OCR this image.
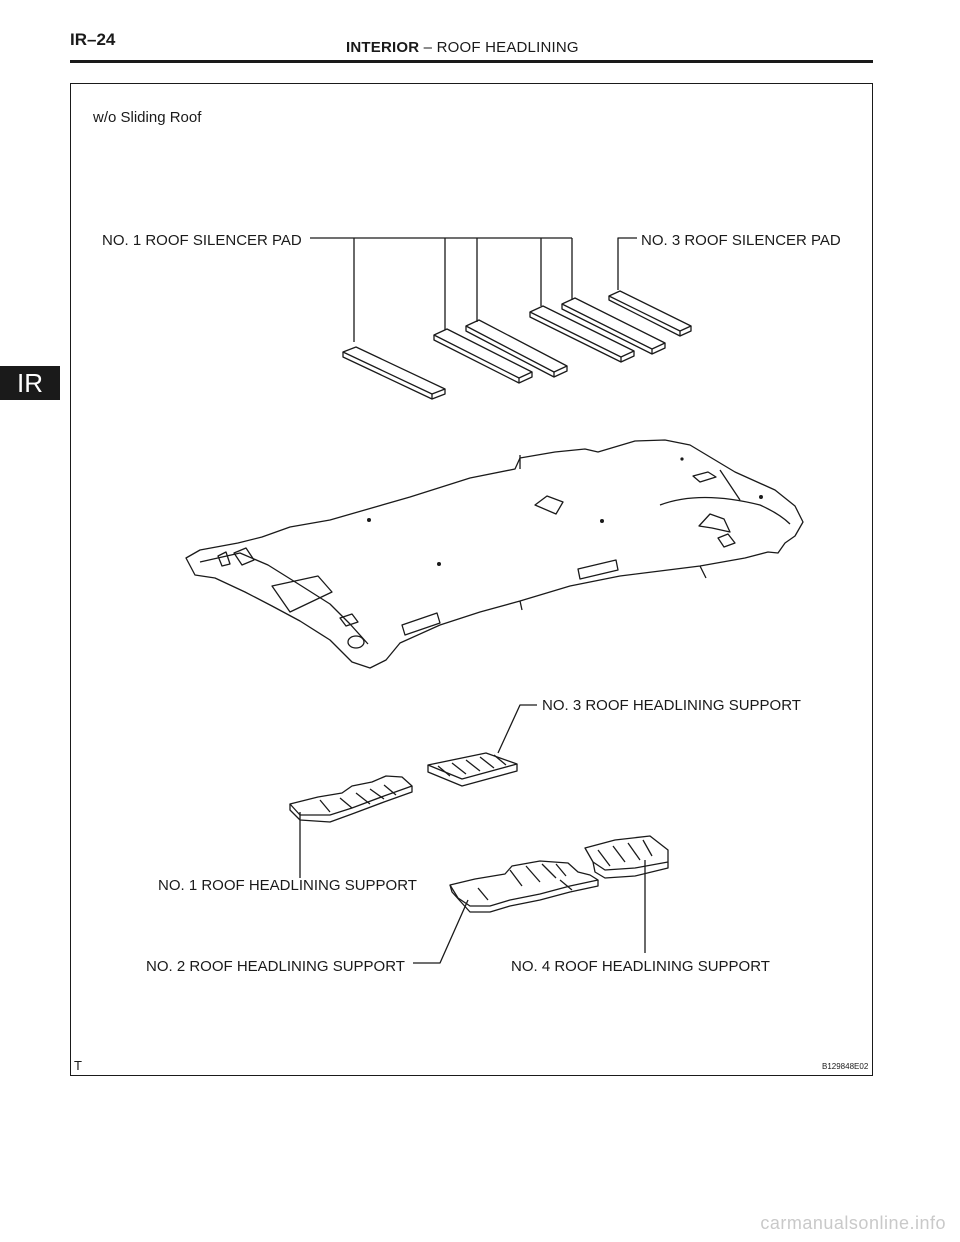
IR–24	INTERIOR – ROOF HEADLINING
IR
w/o Sliding Roof
NO. 1 ROOF SILENCER PAD	NO. 3 ROOF SILENCER PAD
NO. 3 ROOF HEADLINING SUPPORT
NO. 1 ROOF HEADLINING SUPPORT
NO. 2 ROOF HEADLINING SUPPORT	NO. 4 ROOF HEADLINING SUPPORT
T	B129848E02
carmanualsonline.info
